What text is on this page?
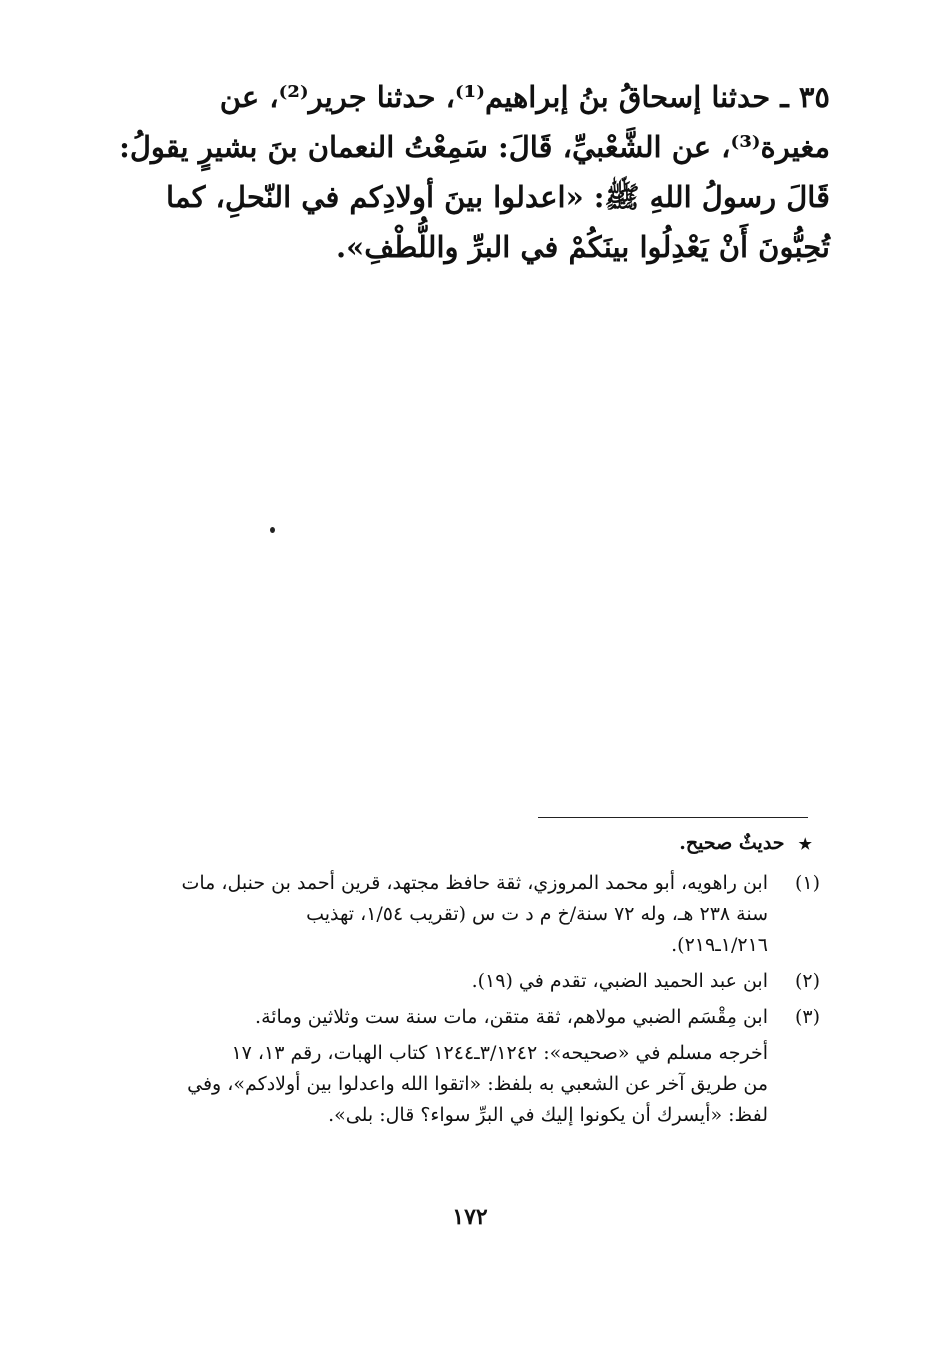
٣٥ ـ حدثنا إسحاقُ بنُ إبراهيم⁽¹⁾، حدثنا جرير⁽²⁾، عن
مغيرة⁽³⁾، عن الشَّعْبيِّ، قَالَ: سَمِعْتُ النعمان بنَ بشيرٍ يقولُ:
قَالَ رسولُ اللهِ ﷺ: «اعدلوا بينَ أولادِكم في النّحلِ، كما
تُحِبُّونَ أَنْ يَعْدِلُوا بينَكُمْ في البرِّ واللُّطْفِ».
★
حديثٌ صحيح.
(١)
ابن راهويه، أبو محمد المروزي، ثقة حافظ مجتهد، قرين أحمد بن حنبل، مات
سنة ٢٣٨ هـ، وله ٧٢ سنة/خ م د ت س (تقريب ١/٥٤، تهذيب
١/٢١٦ـ٢١٩).
(٢)
ابن عبد الحميد الضبي، تقدم في (١٩).
(٣)
ابن مِقْسَم الضبي مولاهم، ثقة متقن، مات سنة ست وثلاثين ومائة.
أخرجه مسلم في «صحيحه»: ٣/١٢٤٢ـ١٢٤٤ كتاب الهبات، رقم ١٣، ١٧
من طريق آخر عن الشعبي به بلفظ: «اتقوا الله واعدلوا بين أولادكم»، وفي
لفظ: «أيسرك أن يكونوا إليك في البرِّ سواء؟ قال: بلى».
١٧٢
